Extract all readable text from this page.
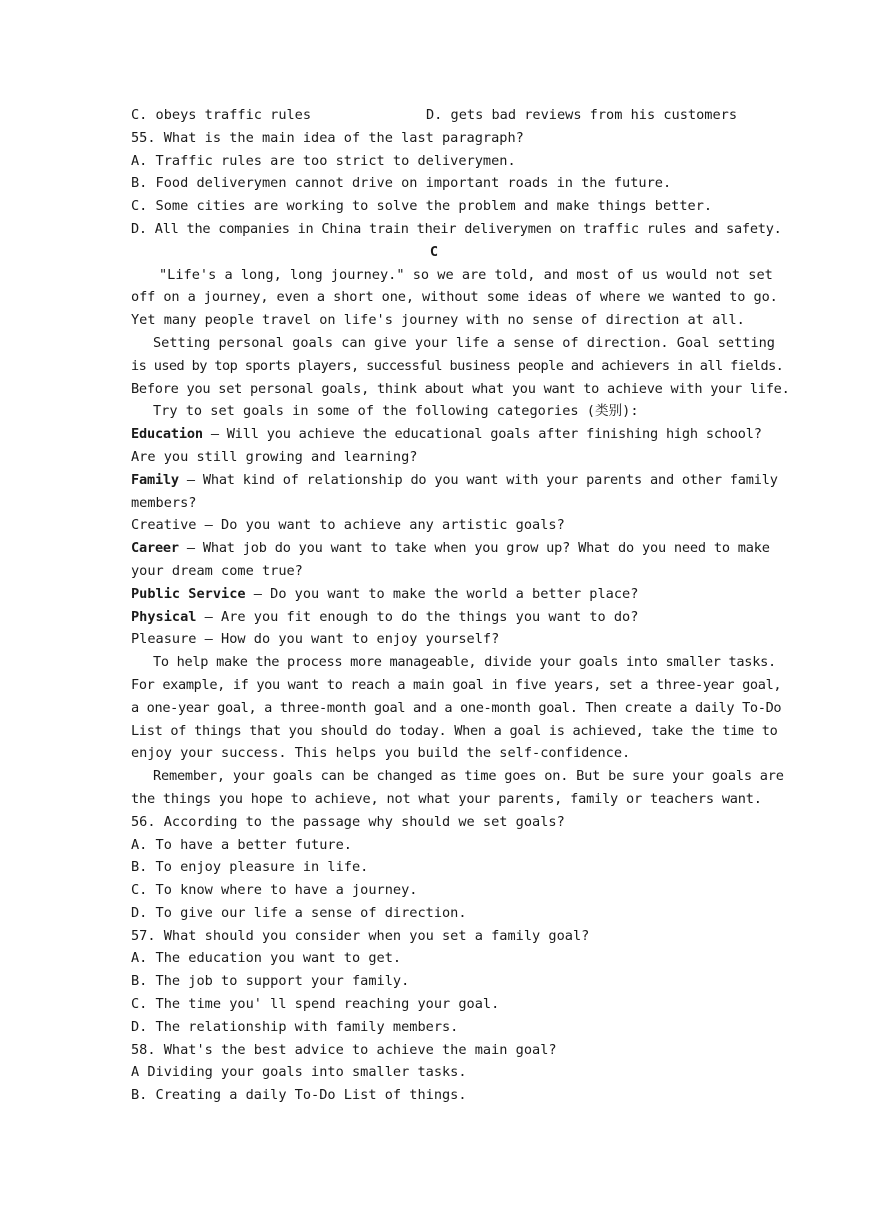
C. obeys traffic rules	D. gets bad reviews from his customers
55. What is the main idea of the last paragraph?
A. Traffic rules are too strict to deliverymen.
B. Food deliverymen cannot drive on important roads in the future.
C. Some cities are working to solve the problem and make things better.
D. All the companies in China train their deliverymen on traffic rules and safety.
C
"Life's a long, long journey." so we are told, and most of us would not set
off on a journey, even a short one, without some ideas of where we wanted to go.
Yet many people travel on life's journey with no sense of direction at all.
Setting personal goals can give your life a sense of direction. Goal setting
is used by top sports players, successful business people and achievers in all fields.
Before you set personal goals, think about what you want to achieve with your life.
Try to set goals in some of the following categories (类别):
Education — Will you achieve the educational goals after finishing high school?
Are you still growing and learning?
Family — What kind of relationship do you want with your parents and other family
members?
Creative — Do you want to achieve any artistic goals?
Career — What job do you want to take when you grow up? What do you need to make
your dream come true?
Public Service — Do you want to make the world a better place?
Physical — Are you fit enough to do the things you want to do?
Pleasure — How do you want to enjoy yourself?
To help make the process more manageable, divide your goals into smaller tasks.
For example, if you want to reach a main goal in five years, set a three-year goal,
a one-year goal, a three-month goal and a one-month goal. Then create a daily To-Do
List of things that you should do today. When a goal is achieved, take the time to
enjoy your success. This helps you build the self-confidence.
Remember, your goals can be changed as time goes on. But be sure your goals are
the things you hope to achieve, not what your parents, family or teachers want.
56. According to the passage why should we set goals?
A. To have a better future.
B. To enjoy pleasure in life.
C. To know where to have a journey.
D. To give our life a sense of direction.
57. What should you consider when you set a family goal?
A. The education you want to get.
B. The job to support your family.
C. The time you' ll spend reaching your goal.
D. The relationship with family members.
58. What's the best advice to achieve the main goal?
A Dividing your goals into smaller tasks.
B. Creating a daily To-Do List of things.
